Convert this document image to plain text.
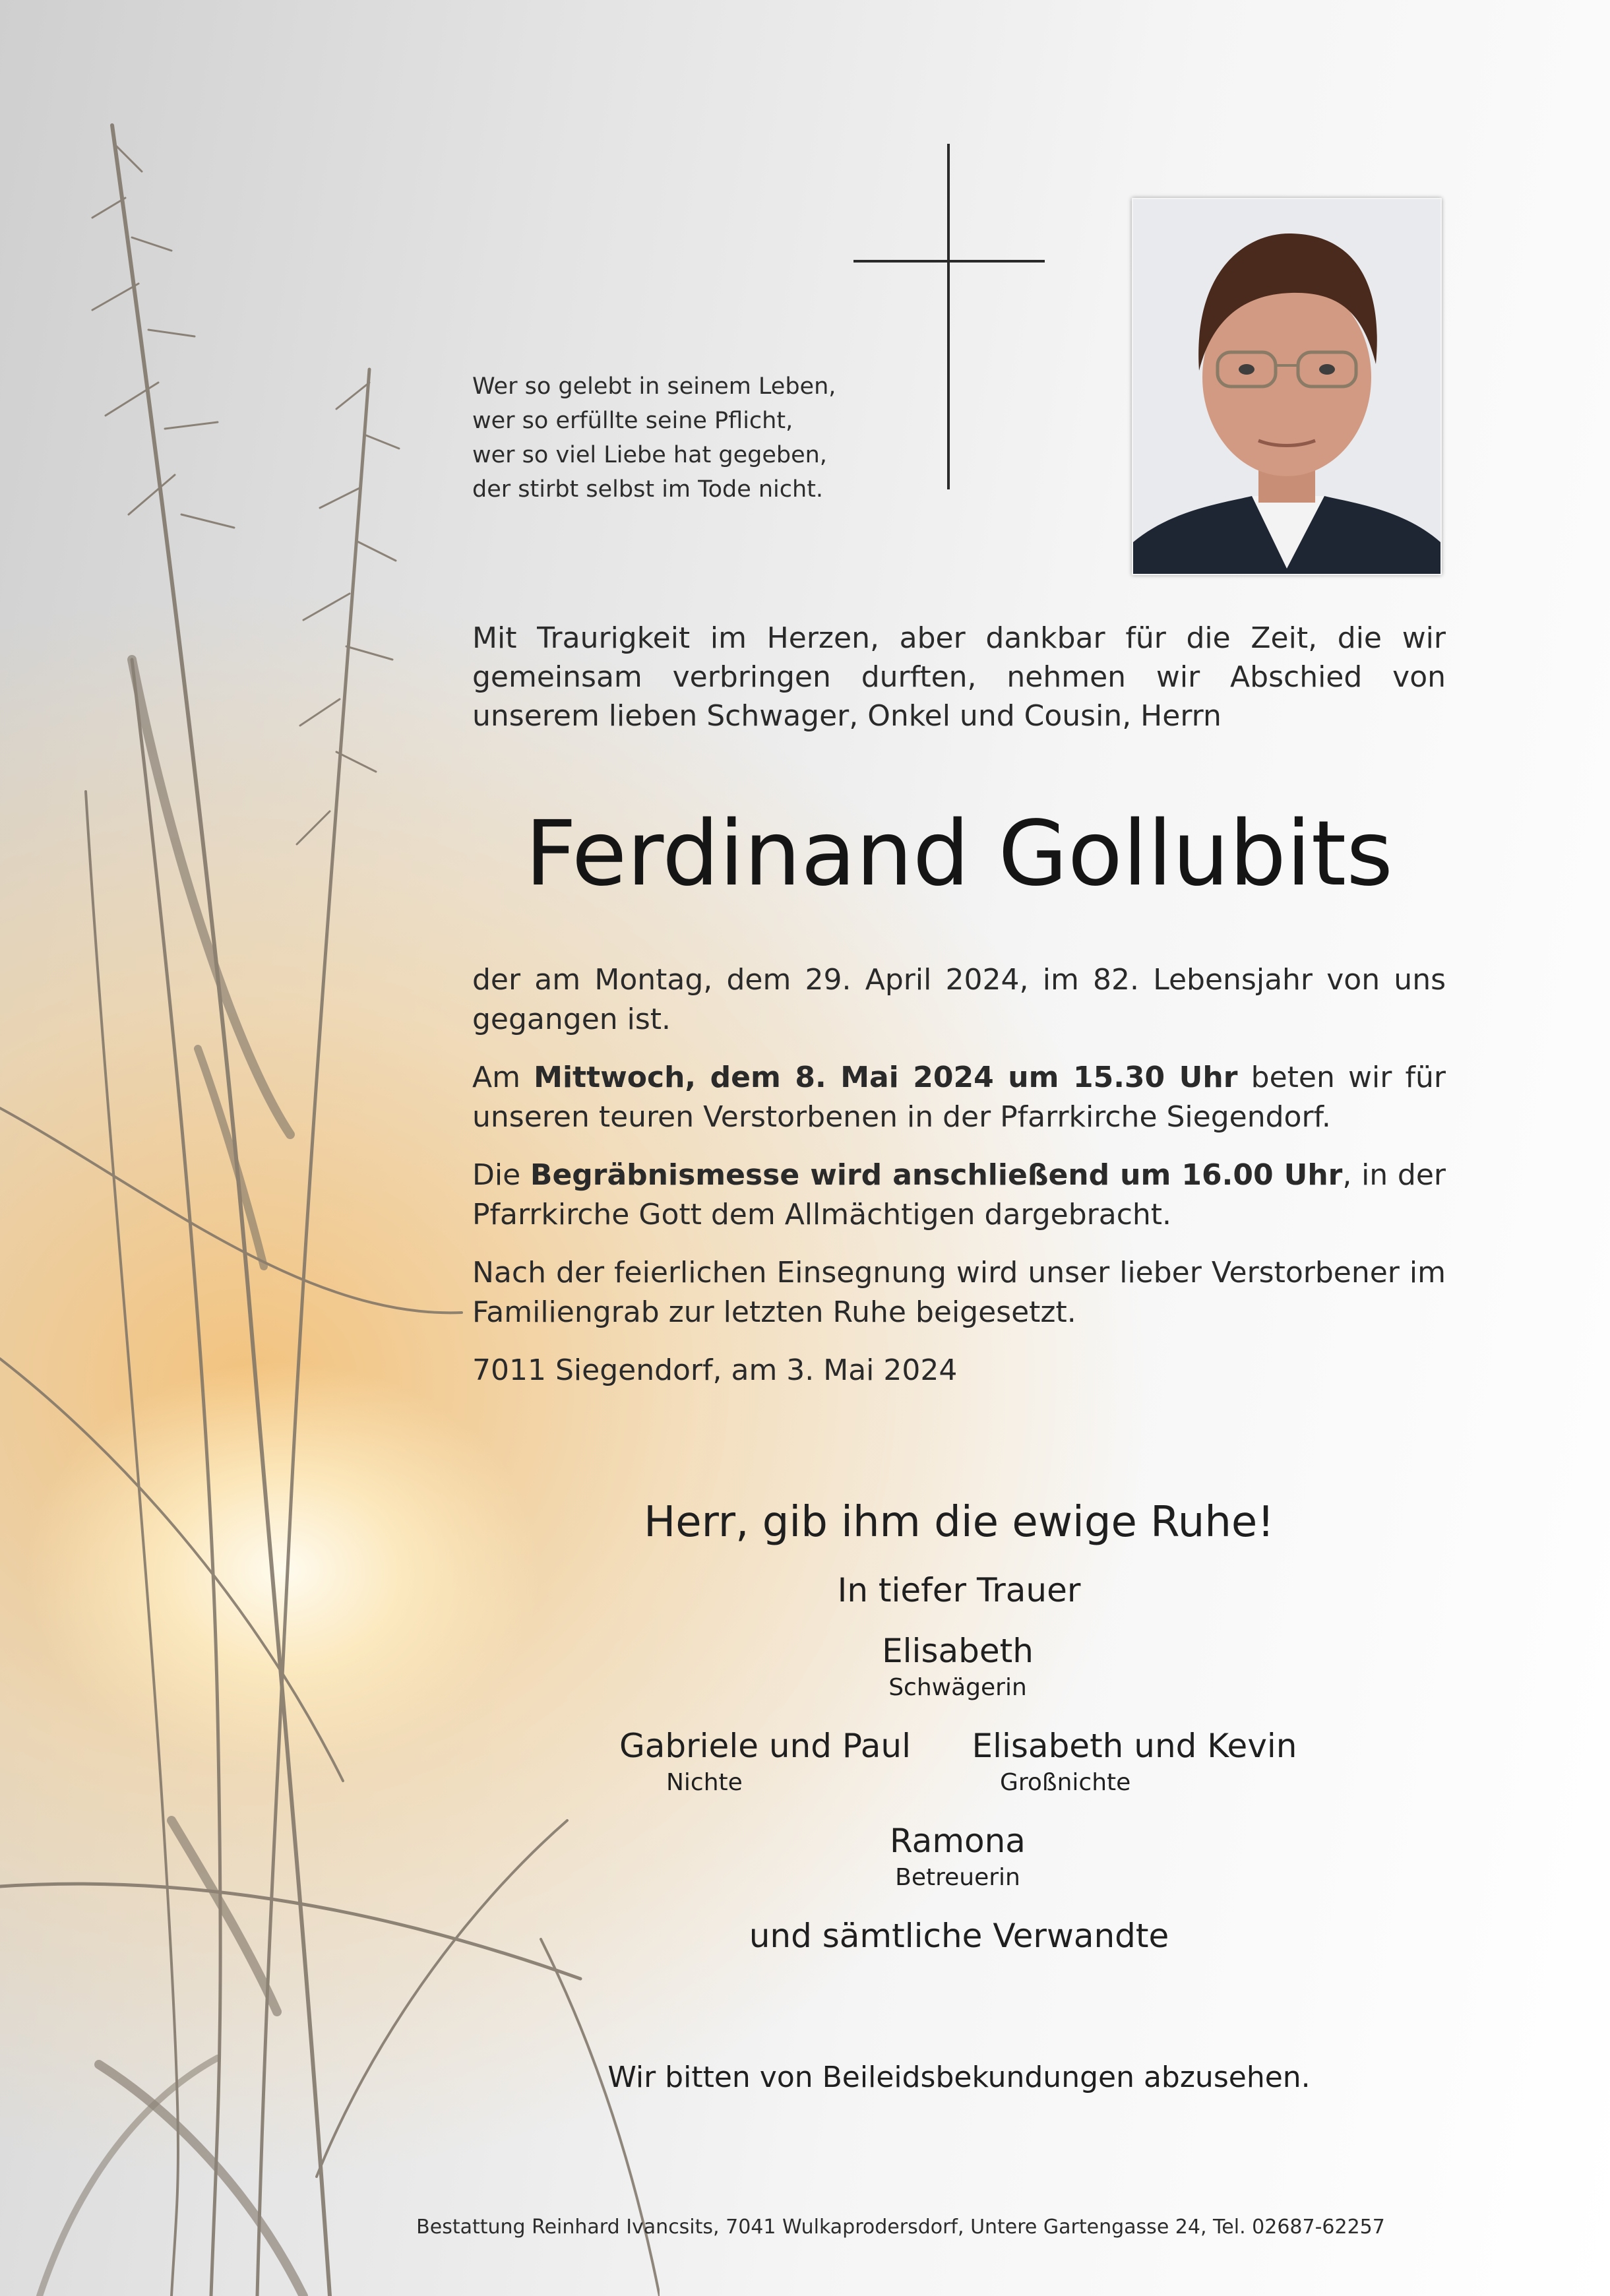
Wer so gelebt in seinem Leben,
wer so erfüllte seine Pflicht,
wer so viel Liebe hat gegeben,
der stirbt selbst im Tode nicht.
Mit Traurigkeit im Herzen, aber dankbar für die Zeit, die wir gemeinsam verbringen durften, nehmen wir Abschied von unserem lieben Schwager, Onkel und Cousin, Herrn
Ferdinand Gollubits

der am Montag, dem 29. April 2024, im 82. Lebensjahr von uns gegangen ist.

Am Mittwoch, dem 8. Mai 2024 um 15.30 Uhr beten wir für unseren teuren Verstorbenen in der Pfarrkirche Siegendorf.

Die Begräbnismesse wird anschließend um 16.00 Uhr, in der Pfarrkirche Gott dem Allmächtigen dargebracht.

Nach der feierlichen Einsegnung wird unser lieber Verstorbener im Familiengrab zur letzten Ruhe beigesetzt.

7011 Siegendorf, am 3. Mai 2024

Herr, gib ihm die ewige Ruhe!
In tiefer Trauer
Elisabeth
Schwägerin
Gabriele und Paul
Nichte
Elisabeth und Kevin
Großnichte
Ramona
Betreuerin
und sämtliche Verwandte
Wir bitten von Beileidsbekundungen abzusehen.
Bestattung Reinhard Ivancsits, 7041 Wulkaprodersdorf, Untere Gartengasse 24, Tel. 02687-62257
